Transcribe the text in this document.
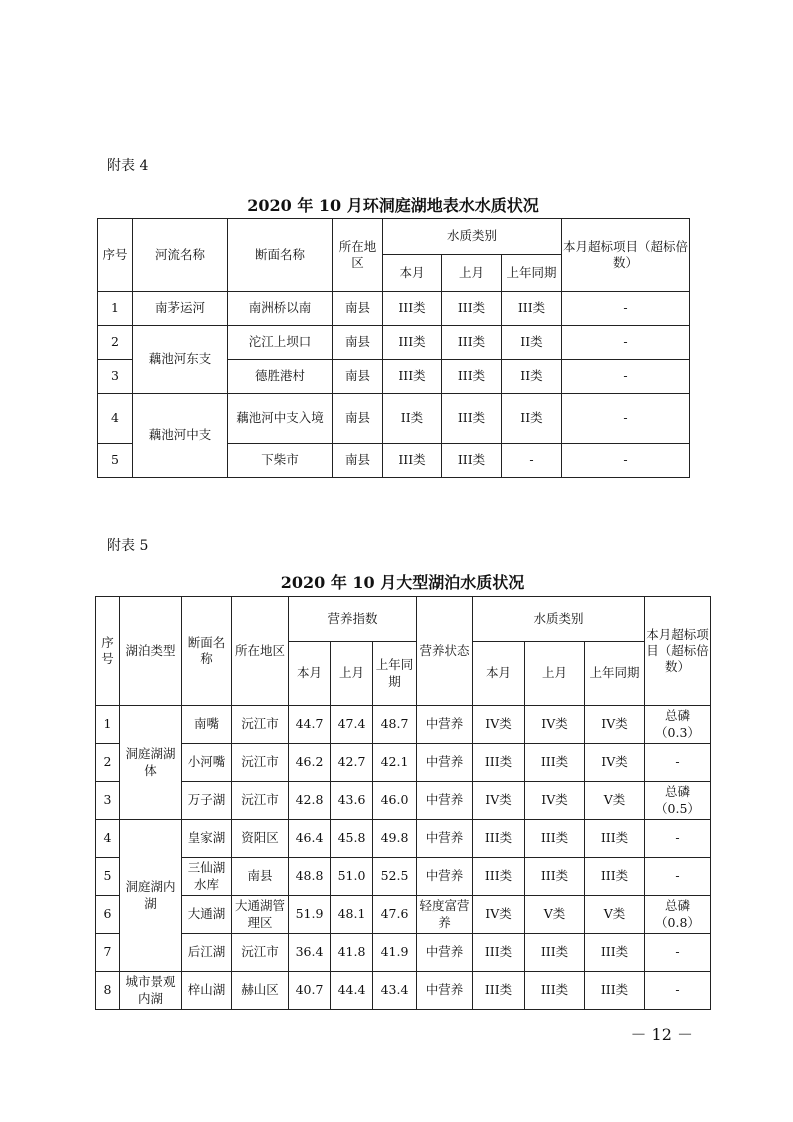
附表 4
2020 年 10 月环洞庭湖地表水水质状况
序号	河流名称	断面名称	所在地区	水质类别			本月超标项目（超标倍数）
				本月	上月	上年同期	
1	南茅运河	南洲桥以南	南县	III类	III类	III类	-
2	藕池河东支	沱江上坝口	南县	III类	III类	II类	-
3		德胜港村	南县	III类	III类	II类	-
4	藕池河中支	藕池河中支入境	南县	II类	III类	II类	-
5		下柴市	南县	III类	III类	-	-
附表 5
2020 年 10 月大型湖泊水质状况
序号	湖泊类型	断面名称	所在地区	营养指数			营养状态	水质类别			本月超标项目（超标倍数）
				本月	上月	上年同期		本月	上月	上年同期	
1	洞庭湖湖体	南嘴	沅江市	44.7	47.4	48.7	中营养	IV类	IV类	IV类	总磷（0.3）
2		小河嘴	沅江市	46.2	42.7	42.1	中营养	III类	III类	IV类	-
3		万子湖	沅江市	42.8	43.6	46.0	中营养	IV类	IV类	V类	总磷（0.5）
4	洞庭湖内湖	皇家湖	资阳区	46.4	45.8	49.8	中营养	III类	III类	III类	-
5		三仙湖水库	南县	48.8	51.0	52.5	中营养	III类	III类	III类	-
6		大通湖	大通湖管理区	51.9	48.1	47.6	轻度富营养	IV类	V类	V类	总磷（0.8）
7		后江湖	沅江市	36.4	41.8	41.9	中营养	III类	III类	III类	-
8	城市景观内湖	梓山湖	赫山区	40.7	44.4	43.4	中营养	III类	III类	III类	-
－ 12 －
